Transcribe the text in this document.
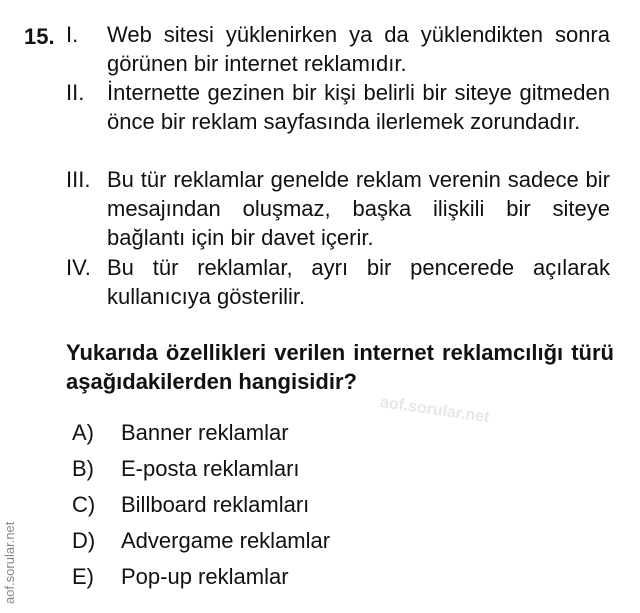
15. I. Web sitesi yüklenirken ya da yüklendikten sonra görünen bir internet reklamıdır.
II. İnternette gezinen bir kişi belirli bir siteye gitmeden önce bir reklam sayfasında ilerlemek zorundadır.
III. Bu tür reklamlar genelde reklam verenin sadece bir mesajından oluşmaz, başka ilişkili bir siteye bağlantı için bir davet içerir.
IV. Bu tür reklamlar, ayrı bir pencerede açılarak kullanıcıya gösterilir.
Yukarıda özellikleri verilen internet reklamcılığı türü aşağıdakilerden hangisidir?
aof.sorular.net
A) Banner reklamlar
B) E-posta reklamları
C) Billboard reklamları
D) Advergame reklamlar
E) Pop-up reklamlar
aof.sorular.net
